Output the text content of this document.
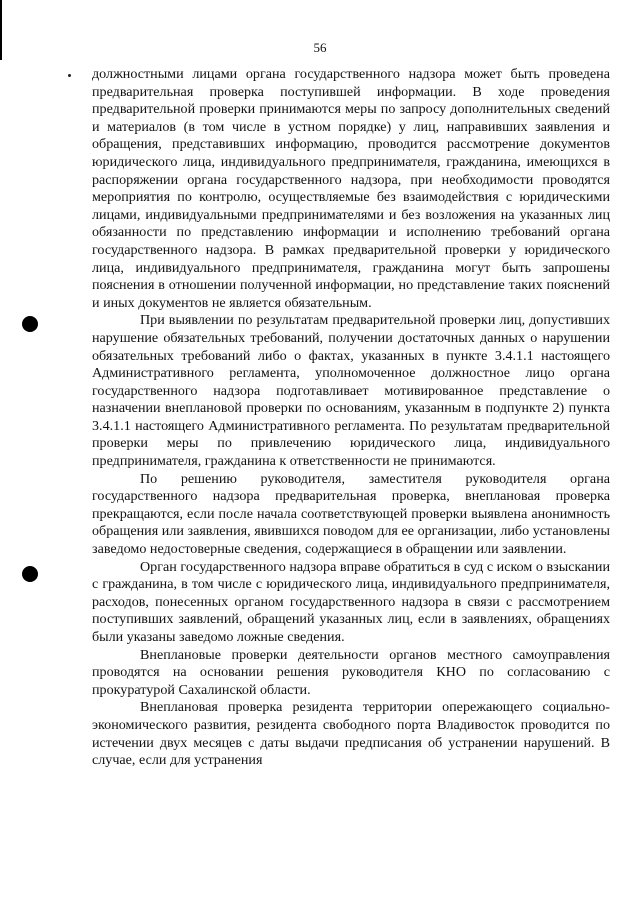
56

должностными лицами органа государственного надзора может быть проведена предварительная проверка поступившей информации. В ходе проведения предварительной проверки принимаются меры по запросу дополнительных сведений и материалов (в том числе в устном порядке) у лиц, направивших заявления и обращения, представивших информацию, проводится рассмотрение документов юридического лица, индивидуального предпринимателя, гражданина, имеющихся в распоряжении органа государственного надзора, при необходимости проводятся мероприятия по контролю, осуществляемые без взаимодействия с юридическими лицами, индивидуальными предпринимателями и без возложения на указанных лиц обязанности по представлению информации и исполнению требований органа государственного надзора. В рамках предварительной проверки у юридического лица, индивидуального предпринимателя, гражданина могут быть запрошены пояснения в отношении полученной информации, но представление таких пояснений и иных документов не является обязательным.

При выявлении по результатам предварительной проверки лиц, допустивших нарушение обязательных требований, получении достаточных данных о нарушении обязательных требований либо о фактах, указанных в пункте 3.4.1.1 настоящего Административного регламента, уполномоченное должностное лицо органа государственного надзора подготавливает мотивированное представление о назначении внеплановой проверки по основаниям, указанным в подпункте 2) пункта 3.4.1.1 настоящего Административного регламента. По результатам предварительной проверки меры по привлечению юридического лица, индивидуального предпринимателя, гражданина к ответственности не принимаются.

По решению руководителя, заместителя руководителя органа государственного надзора предварительная проверка, внеплановая проверка прекращаются, если после начала соответствующей проверки выявлена анонимность обращения или заявления, явившихся поводом для ее организации, либо установлены заведомо недостоверные сведения, содержащиеся в обращении или заявлении.

Орган государственного надзора вправе обратиться в суд с иском о взыскании с гражданина, в том числе с юридического лица, индивидуального предпринимателя, расходов, понесенных органом государственного надзора в связи с рассмотрением поступивших заявлений, обращений указанных лиц, если в заявлениях, обращениях были указаны заведомо ложные сведения.

Внеплановые проверки деятельности органов местного самоуправления проводятся на основании решения руководителя КНО по согласованию с прокуратурой Сахалинской области.

Внеплановая проверка резидента территории опережающего социально-экономического развития, резидента свободного порта Владивосток проводится по истечении двух месяцев с даты выдачи предписания об устранении нарушений. В случае, если для устранения
